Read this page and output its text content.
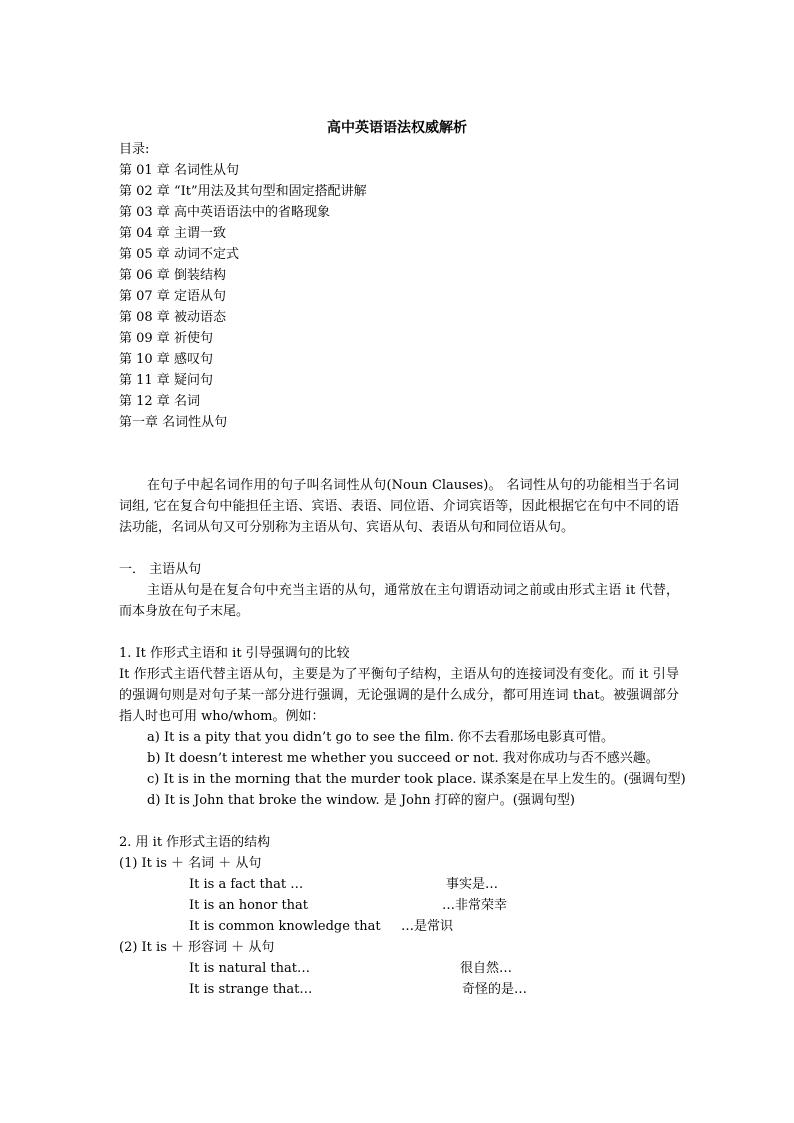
高中英语语法权威解析
目录:
第 01 章 名词性从句
第 02 章 “It”用法及其句型和固定搭配讲解
第 03 章 高中英语语法中的省略现象
第 04 章 主谓一致
第 05 章 动词不定式
第 06 章 倒装结构
第 07 章 定语从句
第 08 章 被动语态
第 09 章 祈使句
第 10 章 感叹句
第 11 章 疑问句
第 12 章 名词
第一章 名词性从句
在句子中起名词作用的句子叫名词性从句(Noun Clauses)。 名词性从句的功能相当于名词词组, 它在复合句中能担任主语、宾语、表语、同位语、介词宾语等，因此根据它在句中不同的语法功能，名词从句又可分别称为主语从句、宾语从句、表语从句和同位语从句。
一． 主语从句
主语从句是在复合句中充当主语的从句，通常放在主句谓语动词之前或由形式主语 it 代替，而本身放在句子末尾。
1. It 作形式主语和 it 引导强调句的比较
It 作形式主语代替主语从句，主要是为了平衡句子结构，主语从句的连接词没有变化。而 it 引导的强调句则是对句子某一部分进行强调，无论强调的是什么成分，都可用连词 that。被强调部分指人时也可用 who/whom。例如：
a) It is a pity that you didn’t go to see the film. 你不去看那场电影真可惜。
b) It doesn’t interest me whether you succeed or not. 我对你成功与否不感兴趣。
c) It is in the morning that the murder took place. 谋杀案是在早上发生的。(强调句型)
d) It is John that broke the window. 是 John 打碎的窗户。(强调句型)
2. 用 it 作形式主语的结构
(1) It is ＋ 名词 ＋ 从句
It is a fact that …	事实是…
It is an honor that	…非常荣幸
It is common knowledge that …是常识
(2) It is ＋ 形容词 ＋ 从句
It is natural that…	很自然…
It is strange that…	奇怪的是…
